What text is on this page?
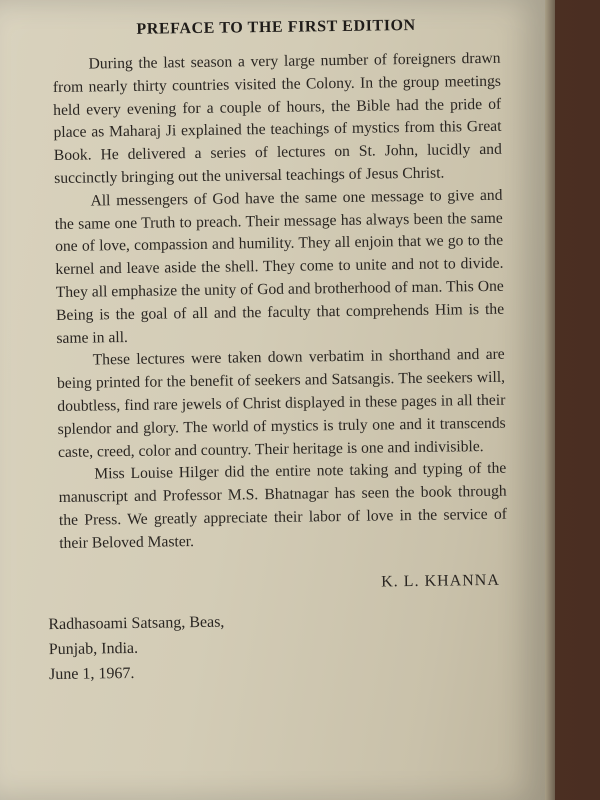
PREFACE TO THE FIRST EDITION

During the last season a very large number of foreigners drawn from nearly thirty countries visited the Colony. In the group meetings held every evening for a couple of hours, the Bible had the pride of place as Maharaj Ji explained the teachings of mystics from this Great Book. He delivered a series of lectures on St. John, lucidly and succinctly bringing out the universal teachings of Jesus Christ.

All messengers of God have the same one message to give and the same one Truth to preach. Their message has always been the same one of love, compassion and humility. They all enjoin that we go to the kernel and leave aside the shell. They come to unite and not to divide. They all emphasize the unity of God and brotherhood of man. This One Being is the goal of all and the faculty that comprehends Him is the same in all.

These lectures were taken down verbatim in shorthand and are being printed for the benefit of seekers and Satsangis. The seekers will, doubtless, find rare jewels of Christ displayed in these pages in all their splendor and glory. The world of mystics is truly one and it transcends caste, creed, color and country. Their heritage is one and indivisible.

Miss Louise Hilger did the entire note taking and typing of the manuscript and Professor M.S. Bhatnagar has seen the book through the Press. We greatly appreciate their labor of love in the service of their Beloved Master.

K. L. KHANNA
Radhasoami Satsang, Beas,
Punjab, India.
June 1, 1967.
